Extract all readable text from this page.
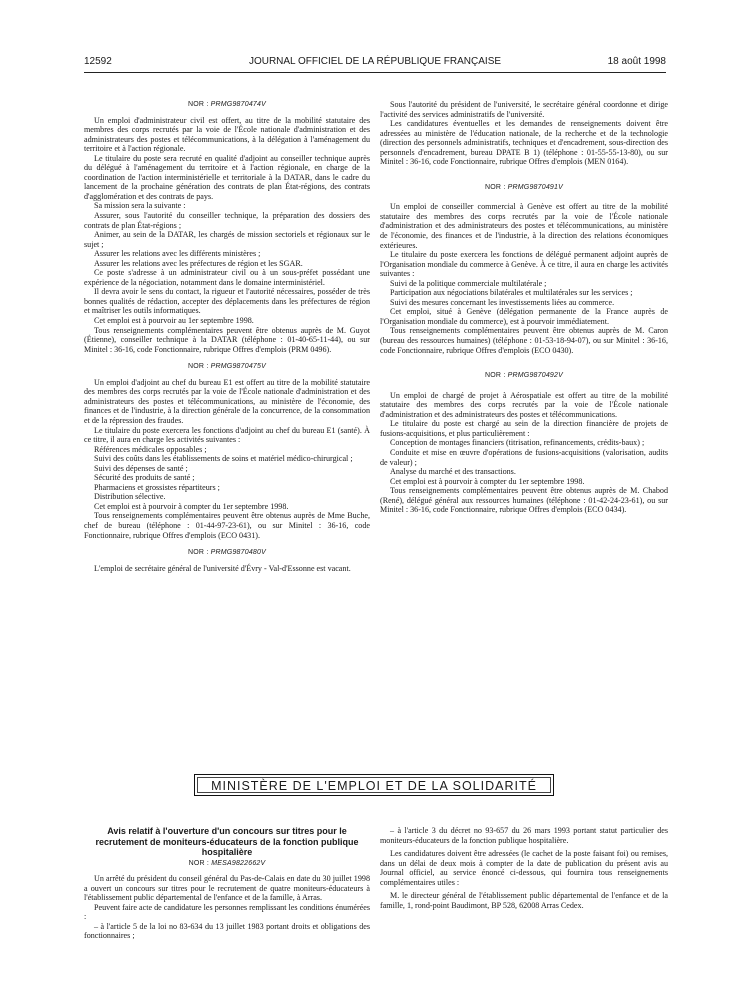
12592	JOURNAL OFFICIEL DE LA RÉPUBLIQUE FRANÇAISE	18 août 1998
NOR : PRMG9870474V

Un emploi d'administrateur civil est offert, au titre de la mobilité statutaire des membres des corps recrutés par la voie de l'École nationale d'administration et des administrateurs des postes et télécommunications, à la délégation à l'aménagement du territoire et à l'action régionale.

Le titulaire du poste sera recruté en qualité d'adjoint au conseiller technique auprès du délégué à l'aménagement du territoire et à l'action régionale, en charge de la coordination de l'action interministérielle et territoriale à la DATAR, dans le cadre du lancement de la prochaine génération des contrats de plan État-régions, des contrats d'agglomération et des contrats de pays.

Sa mission sera la suivante :

Assurer, sous l'autorité du conseiller technique, la préparation des dossiers des contrats de plan État-régions ;

Animer, au sein de la DATAR, les chargés de mission sectoriels et régionaux sur le sujet ;

Assurer les relations avec les différents ministères ;

Assurer les relations avec les préfectures de région et les SGAR.

Ce poste s'adresse à un administrateur civil ou à un sous-préfet possédant une expérience de la négociation, notamment dans le domaine interministériel.

Il devra avoir le sens du contact, la rigueur et l'autorité nécessaires, posséder de très bonnes qualités de rédaction, accepter des déplacements dans les préfectures de région et maîtriser les outils informatiques.

Cet emploi est à pourvoir au 1er septembre 1998.

Tous renseignements complémentaires peuvent être obtenus auprès de M. Guyot (Étienne), conseiller technique à la DATAR (téléphone : 01-40-65-11-44), ou sur Minitel : 36-16, code Fonctionnaire, rubrique Offres d'emplois (PRM 0496).

NOR : PRMG9870475V

Un emploi d'adjoint au chef du bureau E1 est offert au titre de la mobilité statutaire des membres des corps recrutés par la voie de l'École nationale d'administration et des administrateurs des postes et télécommunications, au ministère de l'économie, des finances et de l'industrie, à la direction générale de la concurrence, de la consommation et de la répression des fraudes.

Le titulaire du poste exercera les fonctions d'adjoint au chef du bureau E1 (santé). À ce titre, il aura en charge les activités suivantes :

Références médicales opposables ;

Suivi des coûts dans les établissements de soins et matériel médico-chirurgical ;

Suivi des dépenses de santé ;

Sécurité des produits de santé ;

Pharmaciens et grossistes répartiteurs ;

Distribution sélective.

Cet emploi est à pourvoir à compter du 1er septembre 1998.

Tous renseignements complémentaires peuvent être obtenus auprès de Mme Buche, chef de bureau (téléphone : 01-44-97-23-61), ou sur Minitel : 36-16, code Fonctionnaire, rubrique Offres d'emplois (ECO 0431).

NOR : PRMG9870480V

L'emploi de secrétaire général de l'université d'Évry - Val-d'Essonne est vacant.

Sous l'autorité du président de l'université, le secrétaire général coordonne et dirige l'activité des services administratifs de l'université.

Les candidatures éventuelles et les demandes de renseignements doivent être adressées au ministère de l'éducation nationale, de la recherche et de la technologie (direction des personnels administratifs, techniques et d'encadrement, sous-direction des personnels d'encadrement, bureau DPATE B 1) (téléphone : 01-55-55-13-80), ou sur Minitel : 36-16, code Fonctionnaire, rubrique Offres d'emplois (MEN 0164).

NOR : PRMG9870491V

Un emploi de conseiller commercial à Genève est offert au titre de la mobilité statutaire des membres des corps recrutés par la voie de l'École nationale d'administration et des administrateurs des postes et télécommunications, au ministère de l'économie, des finances et de l'industrie, à la direction des relations économiques extérieures.

Le titulaire du poste exercera les fonctions de délégué permanent adjoint auprès de l'Organisation mondiale du commerce à Genève. À ce titre, il aura en charge les activités suivantes :

Suivi de la politique commerciale multilatérale ;

Participation aux négociations bilatérales et multilatérales sur les services ;

Suivi des mesures concernant les investissements liées au commerce.

Cet emploi, situé à Genève (délégation permanente de la France auprès de l'Organisation mondiale du commerce), est à pourvoir immédiatement.

Tous renseignements complémentaires peuvent être obtenus auprès de M. Caron (bureau des ressources humaines) (téléphone : 01-53-18-94-07), ou sur Minitel : 36-16, code Fonctionnaire, rubrique Offres d'emplois (ECO 0430).

NOR : PRMG9870492V

Un emploi de chargé de projet à Aérospatiale est offert au titre de la mobilité statutaire des membres des corps recrutés par la voie de l'École nationale d'administration et des administrateurs des postes et télécommunications.

Le titulaire du poste est chargé au sein de la direction financière de projets de fusions-acquisitions, et plus particulièrement :

Conception de montages financiers (titrisation, refinancements, crédits-baux) ;

Conduite et mise en œuvre d'opérations de fusions-acquisitions (valorisation, audits de valeur) ;

Analyse du marché et des transactions.

Cet emploi est à pourvoir à compter du 1er septembre 1998.

Tous renseignements complémentaires peuvent être obtenus auprès de M. Chabod (René), délégué général aux ressources humaines (téléphone : 01-42-24-23-61), ou sur Minitel : 36-16, code Fonctionnaire, rubrique Offres d'emplois (ECO 0434).

MINISTÈRE DE L'EMPLOI ET DE LA SOLIDARITÉ
Avis relatif à l'ouverture d'un concours sur titres pour le recrutement de moniteurs-éducateurs de la fonction publique hospitalière
NOR : MESA9822662V

Un arrêté du président du conseil général du Pas-de-Calais en date du 30 juillet 1998 a ouvert un concours sur titres pour le recrutement de quatre moniteurs-éducateurs à l'établissement public départemental de l'enfance et de la famille, à Arras.

Peuvent faire acte de candidature les personnes remplissant les conditions énumérées :

– à l'article 5 de la loi no 83-634 du 13 juillet 1983 portant droits et obligations des fonctionnaires ;

– à l'article 3 du décret no 93-657 du 26 mars 1993 portant statut particulier des moniteurs-éducateurs de la fonction publique hospitalière.

Les candidatures doivent être adressées (le cachet de la poste faisant foi) ou remises, dans un délai de deux mois à compter de la date de publication du présent avis au Journal officiel, au service énoncé ci-dessous, qui fournira tous renseignements complémentaires utiles :

M. le directeur général de l'établissement public départemental de l'enfance et de la famille, 1, rond-point Baudimont, BP 528, 62008 Arras Cedex.
